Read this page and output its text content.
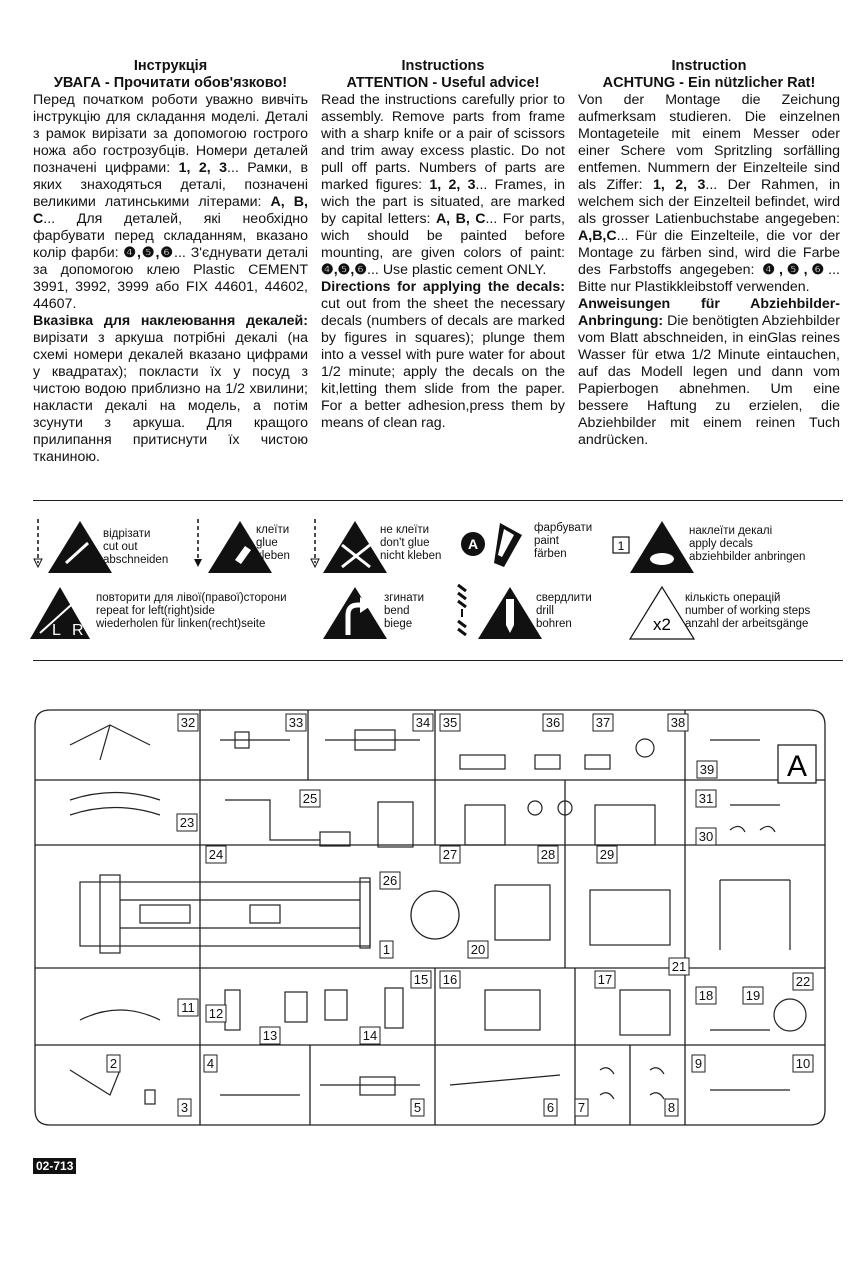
Інструкція
УВАГА - Прочитати обов'язково!

Перед початком роботи уважно вивчіть інструкцію для складання моделі. Деталі з рамок вирізати за допомогою гострого ножа або гострозубців. Номери деталей позначені цифрами: 1, 2, 3... Рамки, в яких знаходяться деталі, позначені великими латинськими літерами: A, B, C... Для деталей, які необхідно фарбувати перед складанням, вказано колір фарби: ❹,❺,❻... З'єднувати деталі за допомогою клею Plastic CEMENT 3991, 3992, 3999 або FIX 44601, 44602, 44607.

Вказівка для наклеювання декалей: вирізати з аркуша потрібні декалі (на схемі номери декалей вказано цифрами у квадратах); покласти їх у посуд з чистою водою приблизно на 1/2 хвилини; накласти декалі на модель, а потім зсунути з аркуша. Для кращого прилипання притиснути їх чистою тканиною.

Instructions
ATTENTION - Useful advice!

Read the instructions carefully prior to assembly. Remove parts from frame with a sharp knife or a pair of scissors and trim away excess plastic. Do not pull off parts. Numbers of parts are marked figures: 1, 2, 3... Frames, in wich the part is situated, are marked by capital letters: A, B, C... For parts, wich should be painted before mounting, are given colors of paint: ❹,❺,❻... Use plastic cement ONLY.

Directions for applying the decals: cut out from the sheet the necessary decals (numbers of decals are marked by figures in squares); plunge them into a vessel with pure water for about 1/2 minute; apply the decals on the kit,letting them slide from the paper. For a better adhesion,press them by means of clean rag.

Instruction
ACHTUNG - Ein nützlicher Rat!

Von der Montage die Zeichung aufmerksam studieren. Die einzelnen Montageteile mit einem Messer oder einer Schere vom Spritzling sorfälling entfemen. Nummern der Einzelteile sind als Ziffer: 1, 2, 3... Der Rahmen, in welchem sich der Einzelteil befindet, wird als grosser Latienbuchstabe angegeben: A,B,C... Für die Einzelteile, die vor der Montage zu färben sind, wird die Farbe des Farbstoffs angegeben: ❹,❺,❻... Bitte nur Plastikkleibstoff verwenden.

Anweisungen für Abziehbilder-Anbringung: Die benötigten Abziehbilder vom Blatt abschneiden, in einGlas reines Wasser für etwa 1/2 Minute eintauchen, auf das Modell legen und dann vom Papierbogen abnehmen. Um eine bessere Haftung zu erzielen, die Abziehbilder mit einem reinen Tuch andrücken.

A	1
L R	x2
відрізати
cut out
abschneiden
клеїти
glue
kleben
не клеїти
don't glue
nicht kleben
фарбувати
paint
färben
наклеїти декалі
apply decals
abziehbilder anbringen
повторити для лівої(правої)сторони
repeat for left(right)side
wiederholen für linken(recht)seite
згинати
bend
biege
свердлити
drill
bohren
кількість операцій
number of working steps
anzahl der arbeitsgänge
A
1
2
3
4
5	6 7	8
9	10
11 12
13	14
15 16	17
18	19
20
21
22
23
24
25
26
27	28	29
30
31
32	33	34 35	36	37	38
39
02-713
